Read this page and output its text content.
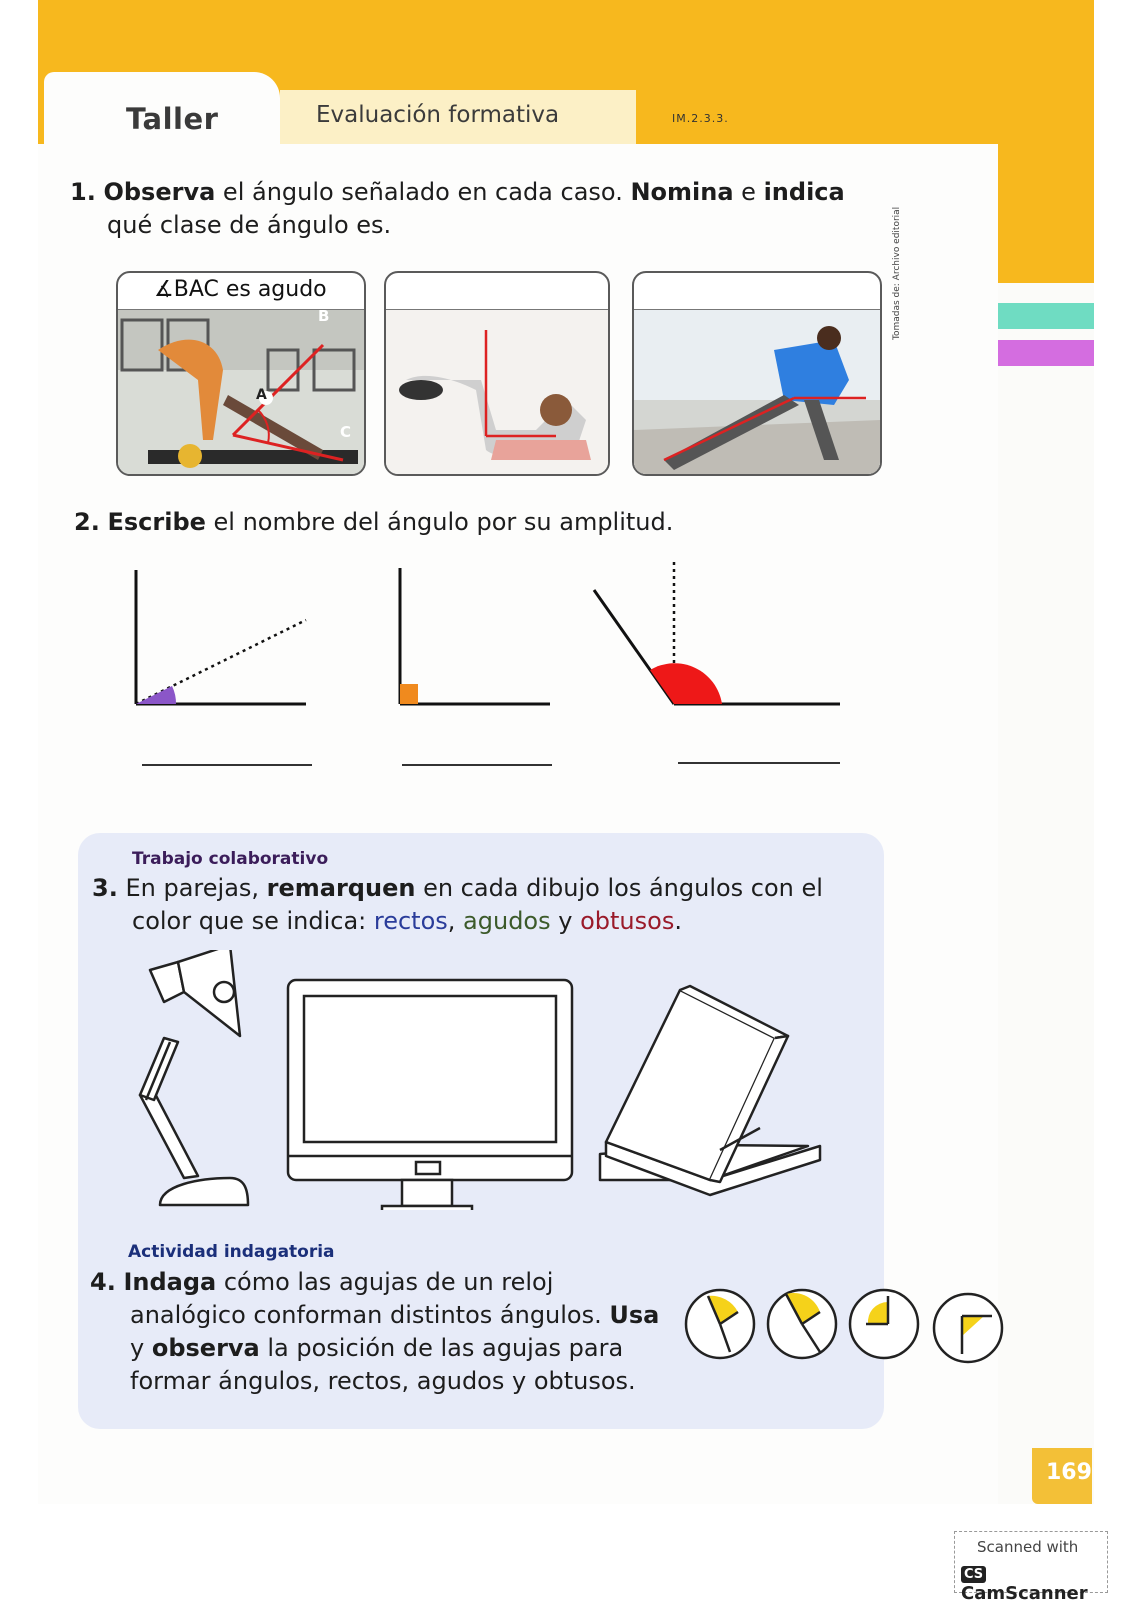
Taller	Evaluación formativa	IM.2.3.3.
1. Observa el ángulo señalado en cada caso. Nomina e indica
qué clase de ángulo es.
∡BAC es agudo
B
A
C
Tomadas de: Archivo editorial
2. Escribe el nombre del ángulo por su amplitud.
Trabajo colaborativo
3. En parejas, remarquen en cada dibujo los ángulos con el
color que se indica: rectos, agudos y obtusos.
Actividad indagatoria
4. Indaga cómo las agujas de un reloj
analógico conforman distintos ángulos. Usa
y observa la posición de las agujas para
formar ángulos, rectos, agudos y obtusos.
169
Scanned with
CSCamScanner
